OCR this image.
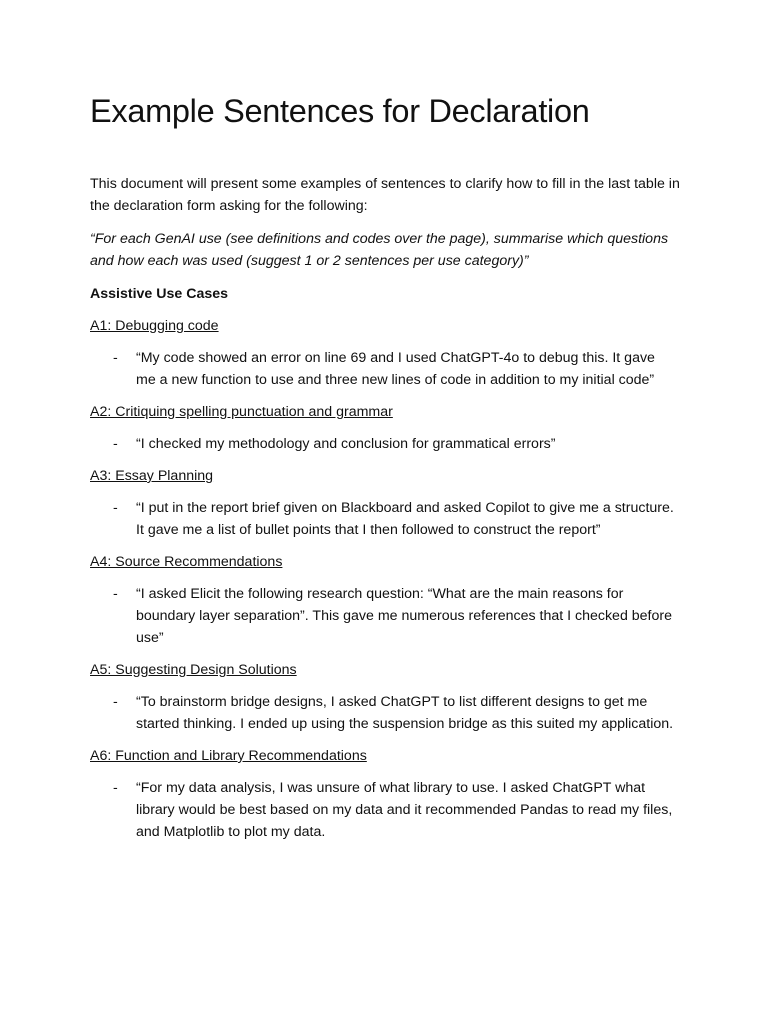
Example Sentences for Declaration

This document will present some examples of sentences to clarify how to fill in the last table in the declaration form asking for the following:

“For each GenAI use (see definitions and codes over the page), summarise which questions and how each was used (suggest 1 or 2 sentences per use category)”

Assistive Use Cases

A1: Debugging code

- “My code showed an error on line 69 and I used ChatGPT-4o to debug this. It gave me a new function to use and three new lines of code in addition to my initial code”

A2: Critiquing spelling punctuation and grammar

- “I checked my methodology and conclusion for grammatical errors”

A3: Essay Planning

- “I put in the report brief given on Blackboard and asked Copilot to give me a structure. It gave me a list of bullet points that I then followed to construct the report”

A4: Source Recommendations

- “I asked Elicit the following research question: “What are the main reasons for boundary layer separation”. This gave me numerous references that I checked before use”

A5: Suggesting Design Solutions

- “To brainstorm bridge designs, I asked ChatGPT to list different designs to get me started thinking. I ended up using the suspension bridge as this suited my application.

A6: Function and Library Recommendations

- “For my data analysis, I was unsure of what library to use. I asked ChatGPT what library would be best based on my data and it recommended Pandas to read my files, and Matplotlib to plot my data.
